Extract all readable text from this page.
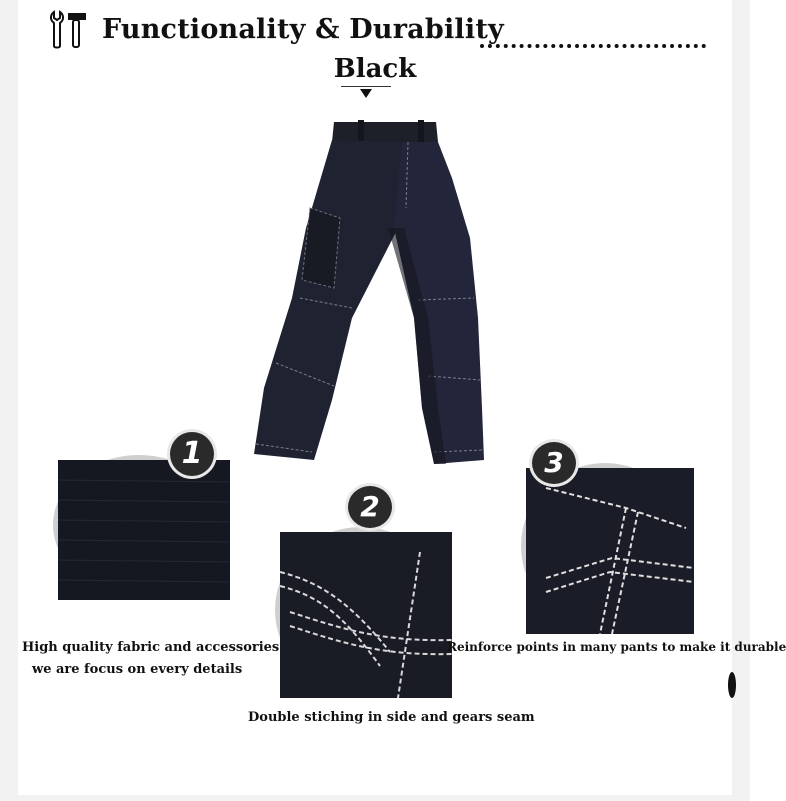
Functionality & Durability
Black
1
2
3
High quality fabric and accessories
we are focus on every details
Double stiching in side and gears seam
Reinforce points in many pants to make it durable
